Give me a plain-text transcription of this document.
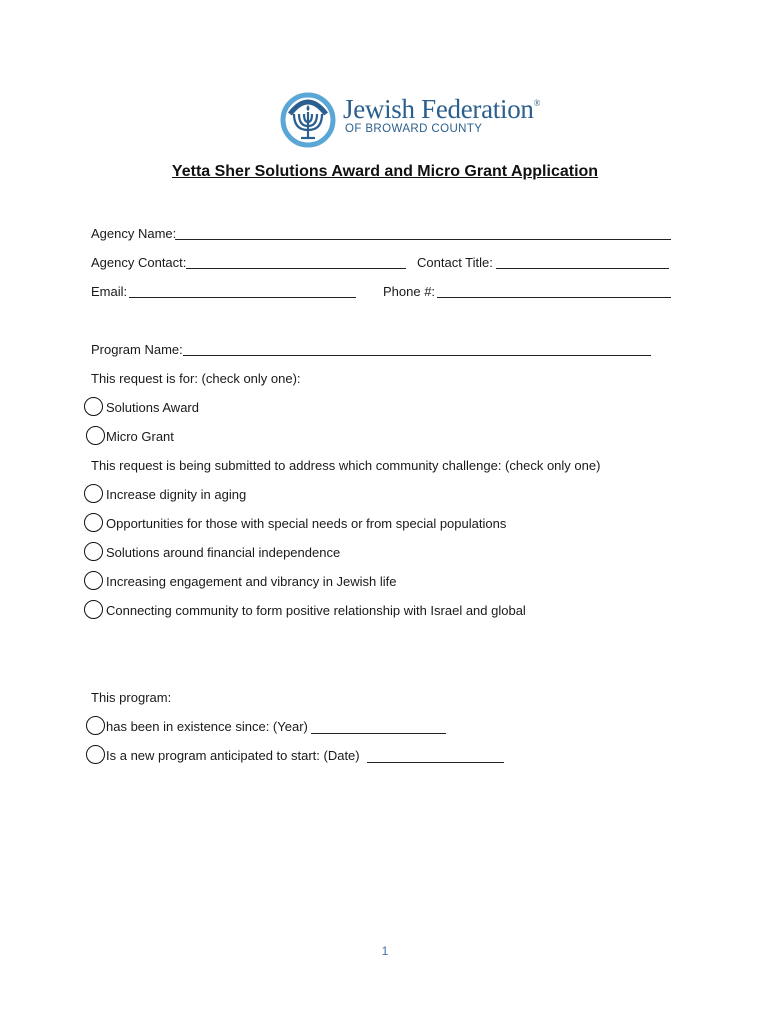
Jewish Federation®
OF BROWARD COUNTY
Yetta Sher Solutions Award and Micro Grant Application
Agency Name:
Agency Contact:	Contact Title:
Email:	Phone #:
Program Name:
This request is for: (check only one):
Solutions Award
Micro Grant
This request is being submitted to address which community challenge: (check only one)
Increase dignity in aging
Opportunities for those with special needs or from special populations
Solutions around financial independence
Increasing engagement and vibrancy in Jewish life
Connecting community to form positive relationship with Israel and global
This program:
has been in existence since: (Year)
Is a new program anticipated to start: (Date)
1
